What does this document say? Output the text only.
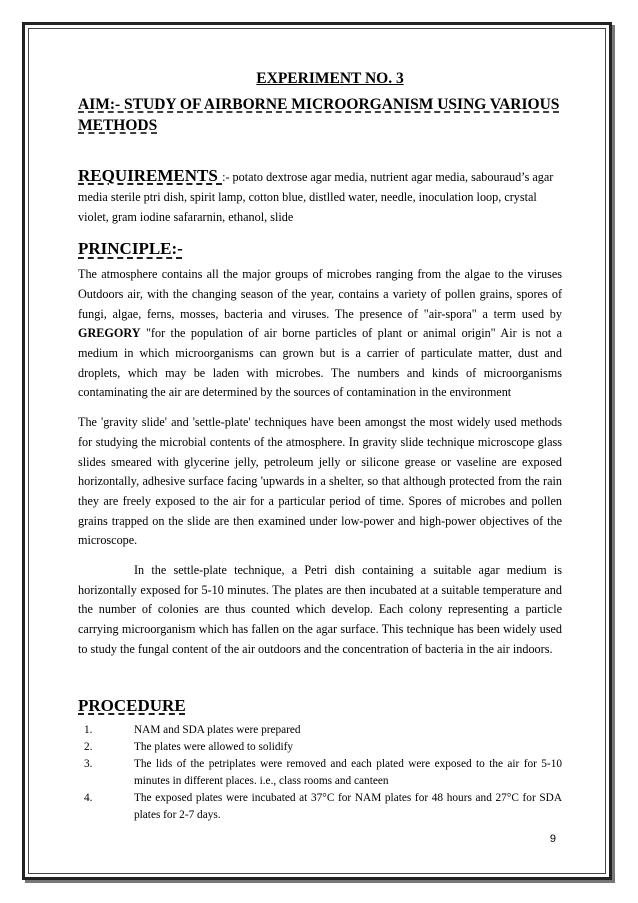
EXPERIMENT NO. 3

AIM:- STUDY OF AIRBORNE MICROORGANISM USING VARIOUS METHODS

REQUIREMENTS :- potato dextrose agar media, nutrient agar media, sabouraud’s agar media sterile ptri dish, spirit lamp, cotton blue, distlled water, needle, inoculation loop, crystal violet, gram iodine safararnin, ethanol, slide

PRINCIPLE:-

The atmosphere contains all the major groups of microbes ranging from the algae to the viruses Outdoors air, with the changing season of the year, contains a variety of pollen grains, spores of fungi, algae, ferns, mosses, bacteria and viruses. The presence of "air-spora" a term used by GREGORY "for the population of air borne particles of plant or animal origin" Air is not a medium in which microorganisms can grown but is a carrier of particulate matter, dust and droplets, which may be laden with microbes. The numbers and kinds of microorganisms contaminating the air are determined by the sources of contamination in the environment

The 'gravity slide' and 'settle-plate' techniques have been amongst the most widely used methods for studying the microbial contents of the atmosphere. In gravity slide technique microscope glass slides smeared with glycerine jelly, petroleum jelly or silicone grease or vaseline are exposed horizontally, adhesive surface facing 'upwards in a shelter, so that although protected from the rain they are freely exposed to the air for a particular period of time. Spores of microbes and pollen grains trapped on the slide are then examined under low-power and high-power objectives of the microscope.

In the settle-plate technique, a Petri dish containing a suitable agar medium is horizontally exposed for 5-10 minutes. The plates are then incubated at a suitable temperature and the number of colonies are thus counted which develop. Each colony representing a particle carrying microorganism which has fallen on the agar surface. This technique has been widely used to study the fungal content of the air outdoors and the concentration of bacteria in the air indoors.

PROCEDURE
1.	NAM and SDA plates were prepared
2.	The plates were allowed to solidify
3.	The lids of the petriplates were removed and each plated were exposed to the air for 5-10 minutes in different places. i.e., class rooms and canteen
4.	The exposed plates were incubated at 37°C for NAM plates for 48 hours and 27°C for SDA plates for 2-7 days.
9
